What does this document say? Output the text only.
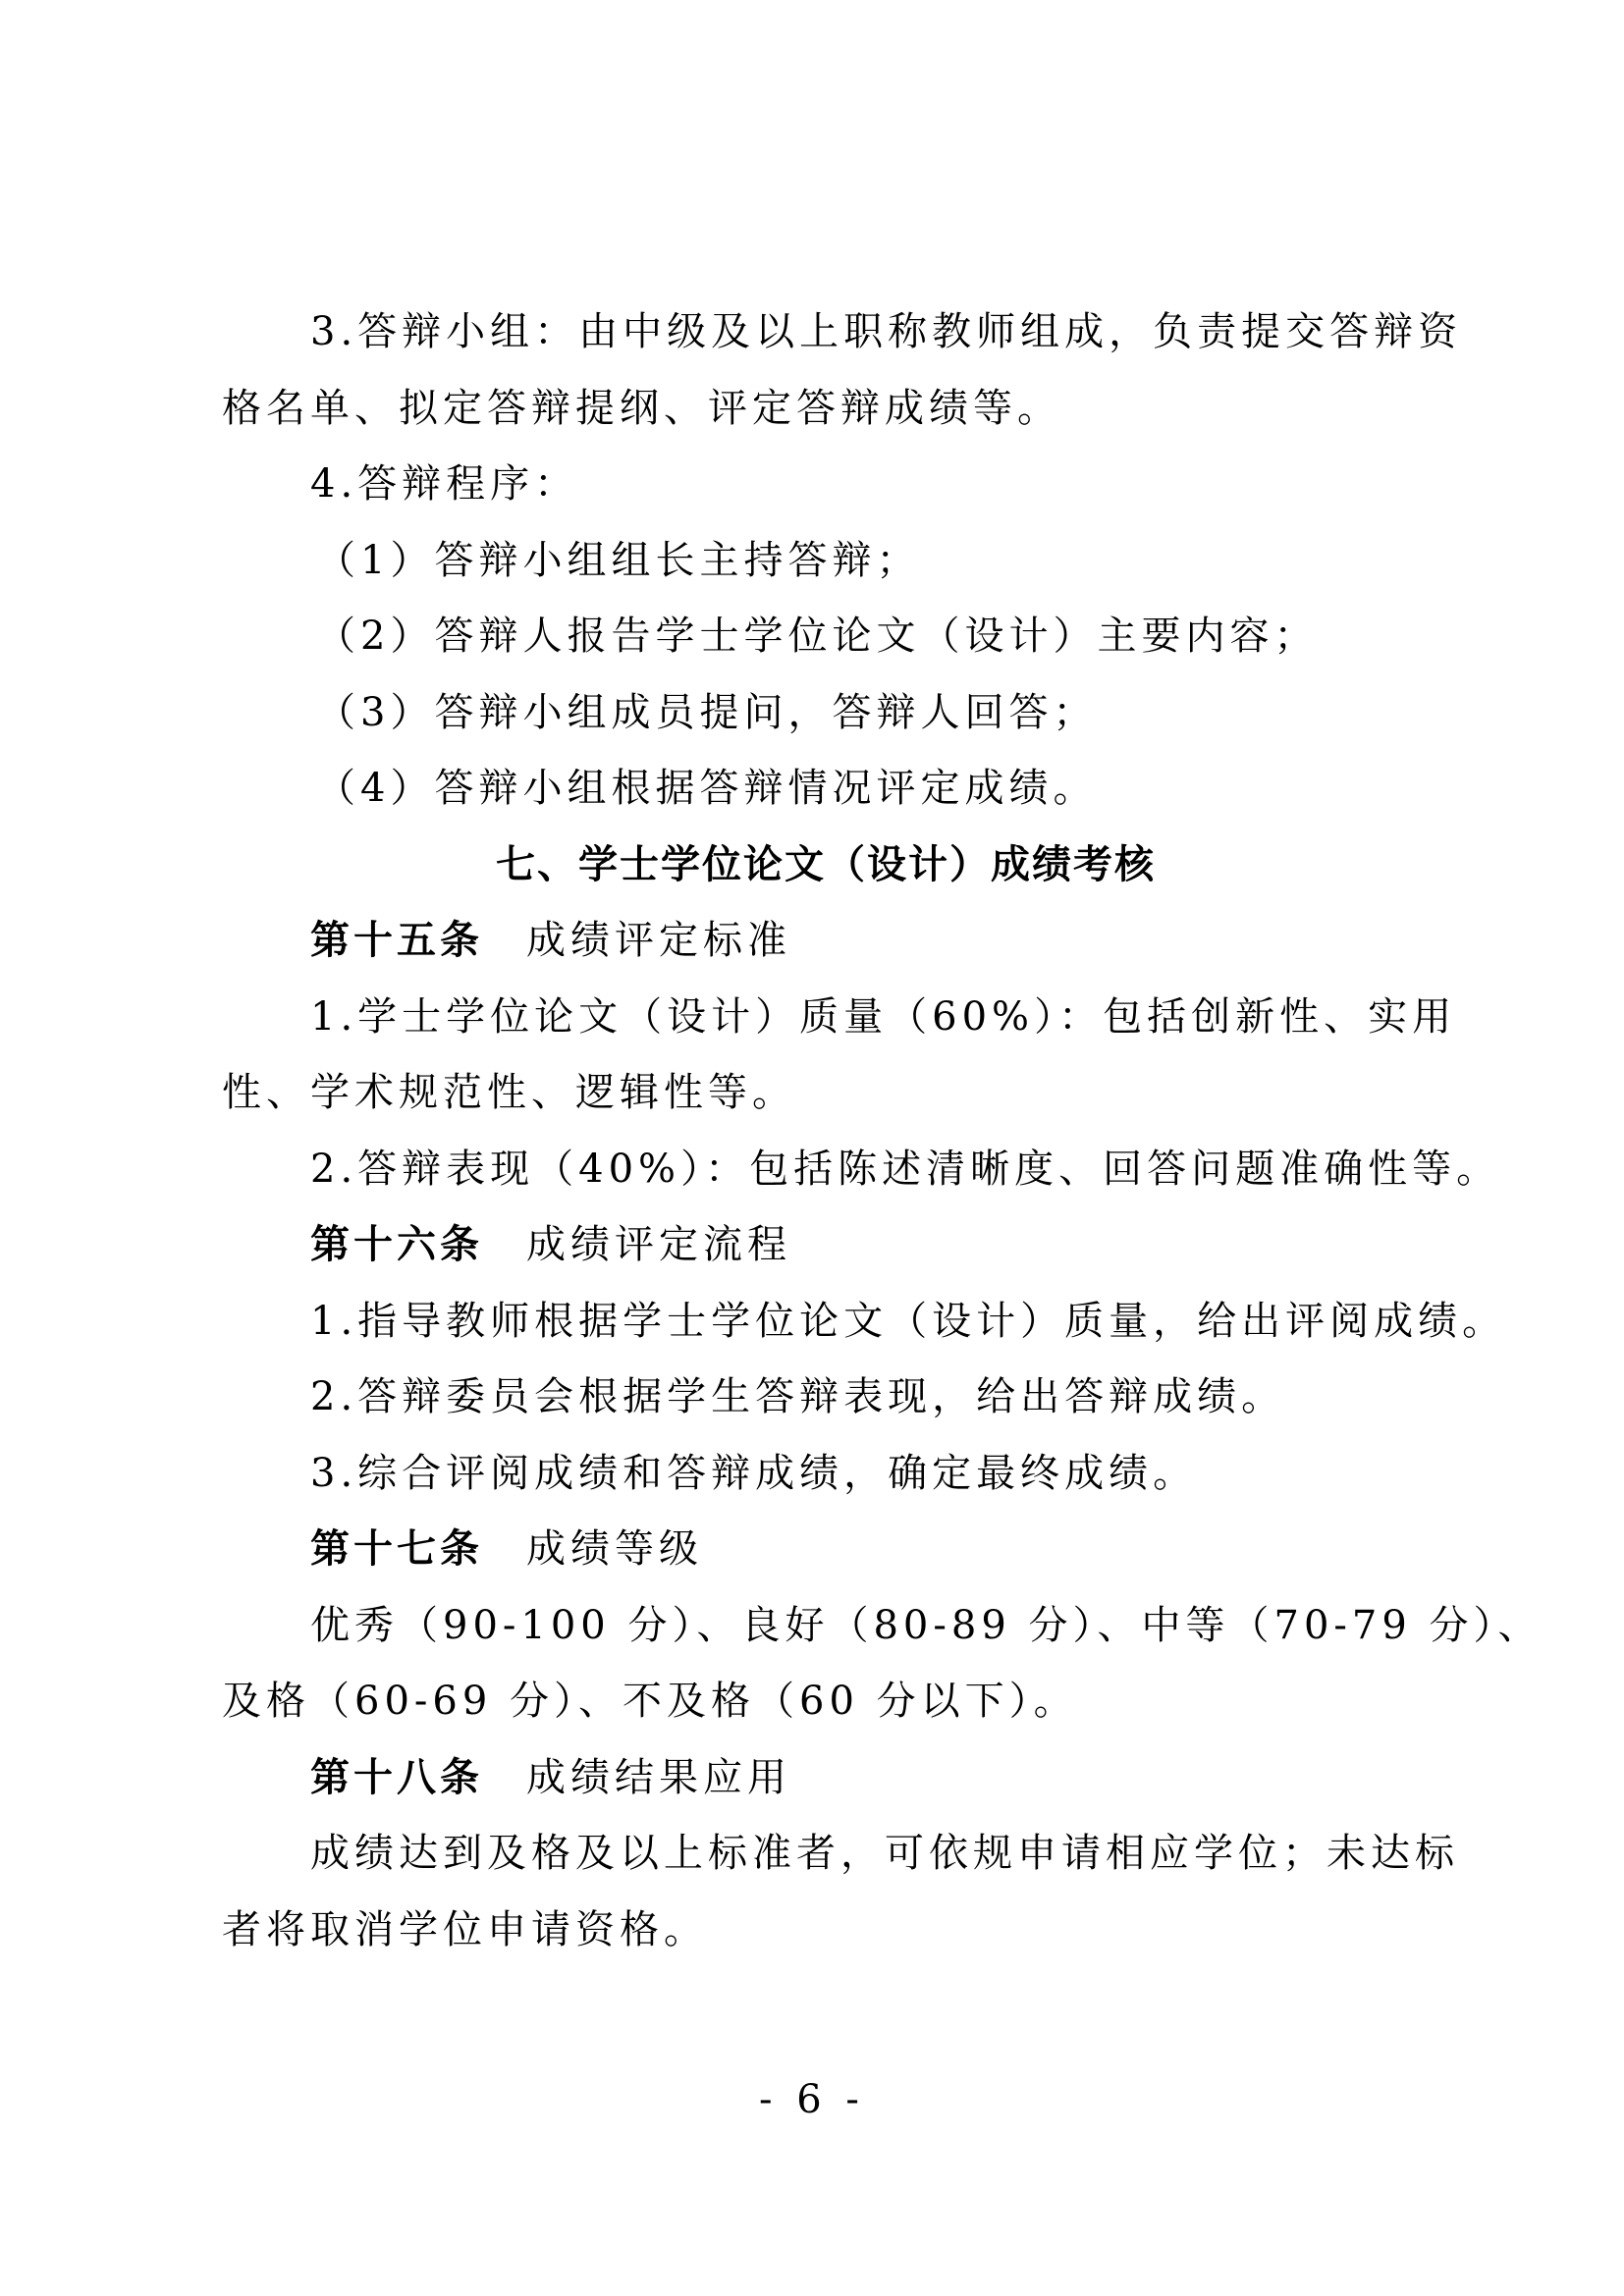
3.答辩小组：由中级及以上职称教师组成，负责提交答辩资

格名单、拟定答辩提纲、评定答辩成绩等。

4.答辩程序：

（1）答辩小组组长主持答辩；

（2）答辩人报告学士学位论文（设计）主要内容；

（3）答辩小组成员提问，答辩人回答；

（4）答辩小组根据答辩情况评定成绩。

七、学士学位论文（设计）成绩考核

第十五条 成绩评定标准

1.学士学位论文（设计）质量（60%）：包括创新性、实用

性、学术规范性、逻辑性等。

2.答辩表现（40%）：包括陈述清晰度、回答问题准确性等。

第十六条 成绩评定流程

1.指导教师根据学士学位论文（设计）质量，给出评阅成绩。

2.答辩委员会根据学生答辩表现，给出答辩成绩。

3.综合评阅成绩和答辩成绩，确定最终成绩。

第十七条 成绩等级

优秀（90-100 分）、良好（80-89 分）、中等（70-79 分）、

及格（60-69 分）、不及格（60 分以下）。

第十八条 成绩结果应用

成绩达到及格及以上标准者，可依规申请相应学位；未达标

者将取消学位申请资格。

- 6 -
